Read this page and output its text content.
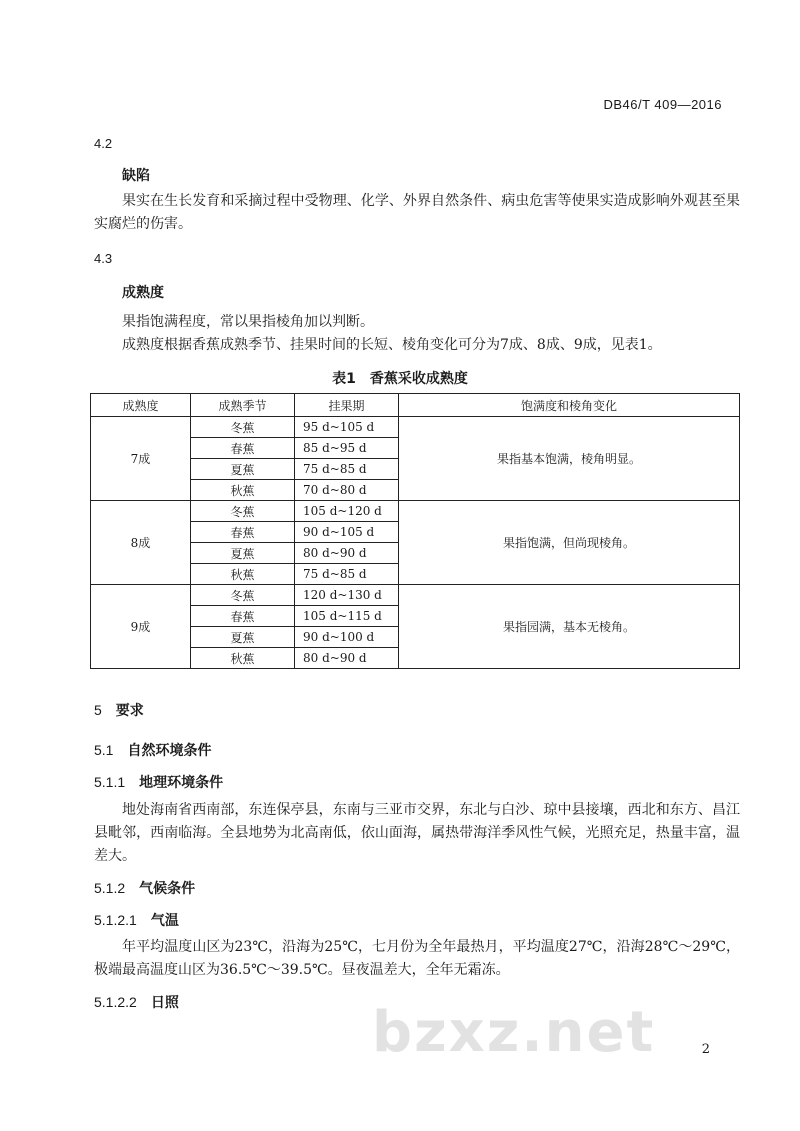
DB46/T 409—2016
4.2
缺陷
果实在生长发育和采摘过程中受物理、化学、外界自然条件、病虫危害等使果实造成影响外观甚至果实腐烂的伤害。
4.3
成熟度
果指饱满程度，常以果指棱角加以判断。
成熟度根据香蕉成熟季节、挂果时间的长短、棱角变化可分为7成、8成、9成，见表1。
表1　香蕉采收成熟度
成熟度	成熟季节	挂果期	饱满度和棱角变化
7成	冬蕉	95 d~105 d	果指基本饱满，棱角明显。
	春蕉	85 d~95 d	
	夏蕉	75 d~85 d	
	秋蕉	70 d~80 d	
8成	冬蕉	105 d~120 d	果指饱满，但尚现棱角。
	春蕉	90 d~105 d	
	夏蕉	80 d~90 d	
	秋蕉	75 d~85 d	
9成	冬蕉	120 d~130 d	果指园满，基本无棱角。
	春蕉	105 d~115 d	
	夏蕉	90 d~100 d	
	秋蕉	80 d~90 d	
5 要求
5.1 自然环境条件
5.1.1 地理环境条件
地处海南省西南部，东连保亭县，东南与三亚市交界，东北与白沙、琼中县接壤，西北和东方、昌江县毗邻，西南临海。全县地势为北高南低，依山面海，属热带海洋季风性气候，光照充足，热量丰富，温差大。
5.1.2 气候条件
5.1.2.1 气温
年平均温度山区为23℃，沿海为25℃，七月份为全年最热月，平均温度27℃，沿海28℃～29℃，极端最高温度山区为36.5℃～39.5℃。昼夜温差大，全年无霜冻。
5.1.2.2 日照	bzxz.net	2
